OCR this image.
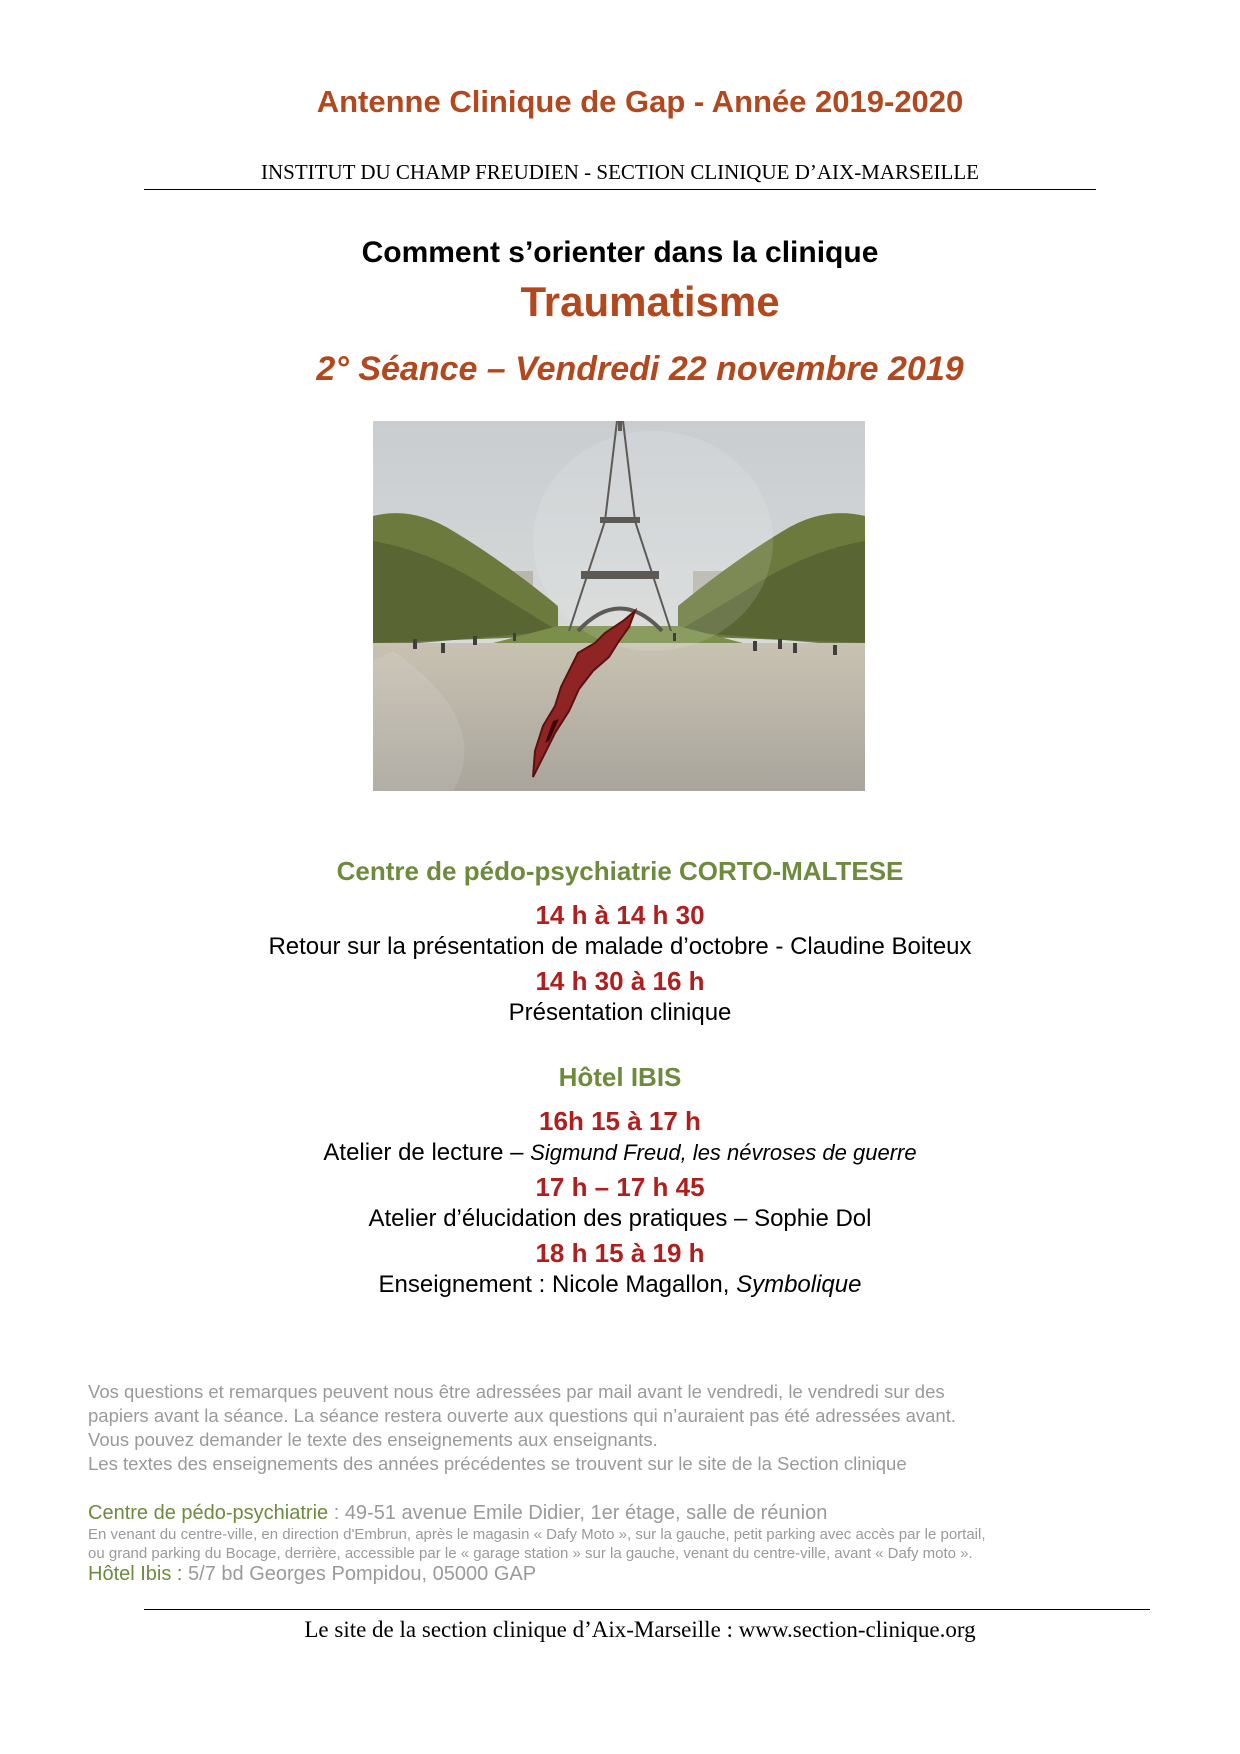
Antenne Clinique de Gap - Année 2019-2020
INSTITUT DU CHAMP FREUDIEN - SECTION CLINIQUE D’AIX-MARSEILLE
Comment s’orienter dans la clinique
Traumatisme
2° Séance – Vendredi 22 novembre 2019
Centre de pédo-psychiatrie CORTO-MALTESE
14 h à 14 h 30
Retour sur la présentation de malade d’octobre - Claudine Boiteux
14 h 30 à 16 h
Présentation clinique
Hôtel IBIS
16h 15 à 17 h
Atelier de lecture – Sigmund Freud, les névroses de guerre
17 h – 17 h 45
Atelier d’élucidation des pratiques – Sophie Dol
18 h 15 à 19 h
Enseignement : Nicole Magallon, Symbolique
Vos questions et remarques peuvent nous être adressées par mail avant le vendredi, le vendredi sur des
papiers avant la séance. La séance restera ouverte aux questions qui n’auraient pas été adressées avant.
Vous pouvez demander le texte des enseignements aux enseignants.
Les textes des enseignements des années précédentes se trouvent sur le site de la Section clinique
Centre de pédo-psychiatrie : 49-51 avenue Emile Didier, 1er étage, salle de réunion
En venant du centre-ville, en direction d'Embrun, après le magasin « Dafy Moto », sur la gauche, petit parking avec accès par le portail,
ou grand parking du Bocage, derrière, accessible par le « garage station » sur la gauche, venant du centre-ville, avant « Dafy moto ».
Hôtel Ibis : 5/7 bd Georges Pompidou, 05000 GAP
Le site de la section clinique d’Aix-Marseille : www.section-clinique.org
